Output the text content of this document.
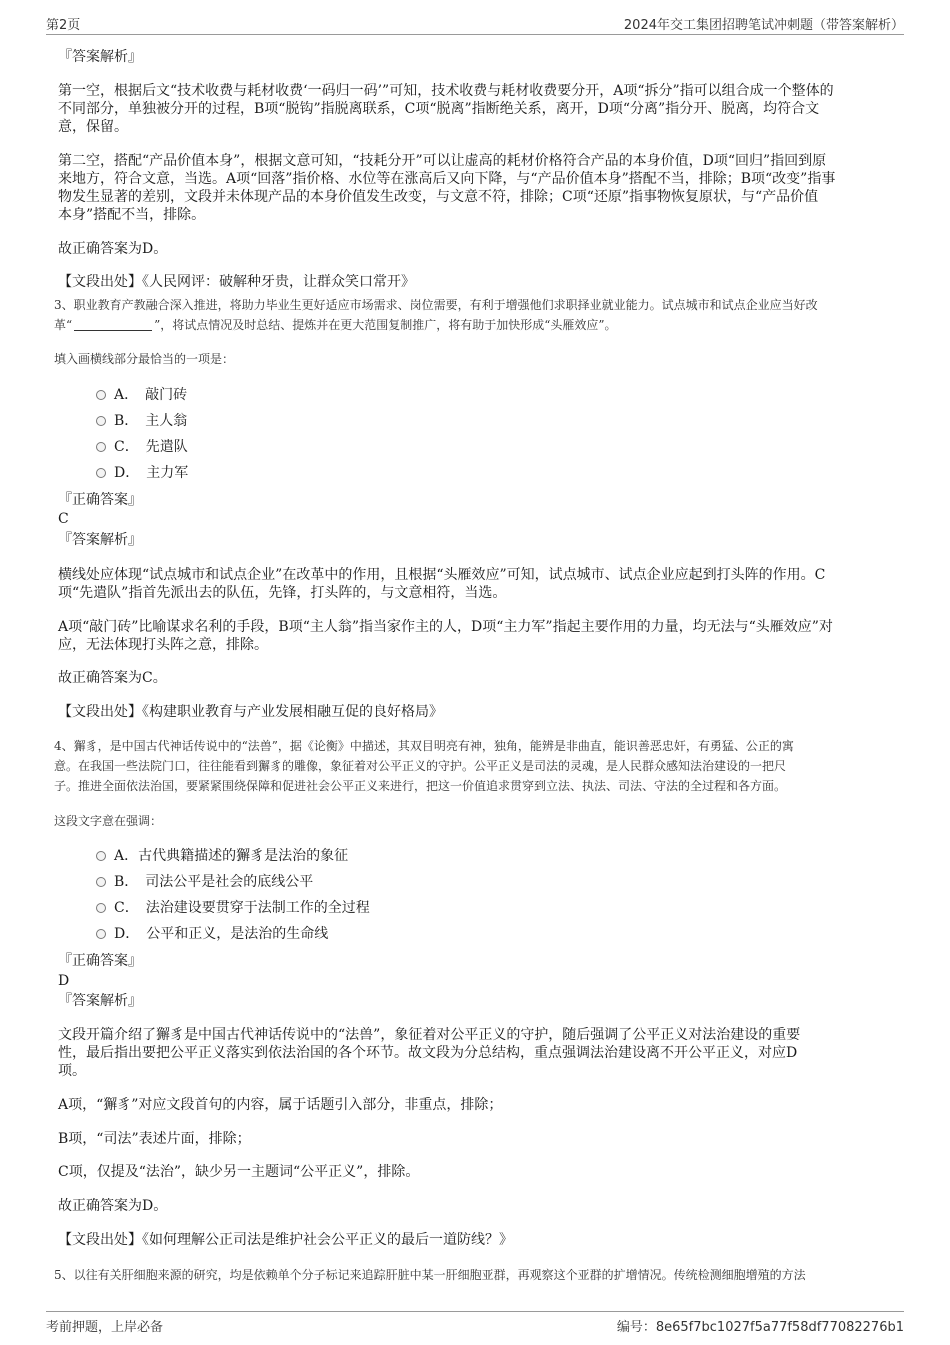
第2页	2024年交工集团招聘笔试冲刺题（带答案解析）
『答案解析』
第一空，根据后文“技术收费与耗材收费‘一码归一码’”可知，技术收费与耗材收费要分开，A项“拆分”指可以组合成一个整体的
不同部分，单独被分开的过程，B项“脱钩”指脱离联系，C项“脱离”指断绝关系，离开，D项“分离”指分开、脱离，均符合文
意，保留。
第二空，搭配“产品价值本身”，根据文意可知，“技耗分开”可以让虚高的耗材价格符合产品的本身价值，D项“回归”指回到原
来地方，符合文意，当选。A项“回落”指价格、水位等在涨高后又向下降，与“产品价值本身”搭配不当，排除；B项“改变”指事
物发生显著的差别，文段并未体现产品的本身价值发生改变，与文意不符，排除；C项“还原”指事物恢复原状，与“产品价值
本身”搭配不当，排除。
故正确答案为D。
【文段出处】《人民网评：破解种牙贵，让群众笑口常开》
3、职业教育产教融合深入推进，将助力毕业生更好适应市场需求、岗位需要，有利于增强他们求职择业就业能力。试点城市和试点企业应当好改
革“	”，将试点情况及时总结、提炼并在更大范围复制推广，将有助于加快形成“头雁效应”。
填入画横线部分最恰当的一项是：
A．　敲门砖
B．　主人翁
C．　先遣队
D．　主力军
『正确答案』
C
『答案解析』
横线处应体现“试点城市和试点企业”在改革中的作用，且根据“头雁效应”可知，试点城市、试点企业应起到打头阵的作用。C
项“先遣队”指首先派出去的队伍，先锋，打头阵的，与文意相符，当选。
A项“敲门砖”比喻谋求名利的手段，B项“主人翁”指当家作主的人，D项“主力军”指起主要作用的力量，均无法与“头雁效应”对
应，无法体现打头阵之意，排除。
故正确答案为C。
【文段出处】《构建职业教育与产业发展相融互促的良好格局》
4、獬豸，是中国古代神话传说中的“法兽”，据《论衡》中描述，其双目明亮有神，独角，能辨是非曲直，能识善恶忠奸，有勇猛、公正的寓
意。在我国一些法院门口，往往能看到獬豸的雕像，象征着对公平正义的守护。公平正义是司法的灵魂，是人民群众感知法治建设的一把尺
子。推进全面依法治国，要紧紧围绕保障和促进社会公平正义来进行，把这一价值追求贯穿到立法、执法、司法、守法的全过程和各方面。
这段文字意在强调：
A．古代典籍描述的獬豸是法治的象征
B．　司法公平是社会的底线公平
C．　法治建设要贯穿于法制工作的全过程
D．　公平和正义，是法治的生命线
『正确答案』
D
『答案解析』
文段开篇介绍了獬豸是中国古代神话传说中的“法兽”，象征着对公平正义的守护，随后强调了公平正义对法治建设的重要
性，最后指出要把公平正义落实到依法治国的各个环节。故文段为分总结构，重点强调法治建设离不开公平正义，对应D
项。
A项，“獬豸”对应文段首句的内容，属于话题引入部分，非重点，排除；
B项，“司法”表述片面，排除；
C项，仅提及“法治”，缺少另一主题词“公平正义”，排除。
故正确答案为D。
【文段出处】《如何理解公正司法是维护社会公平正义的最后一道防线？》
5、以往有关肝细胞来源的研究，均是依赖单个分子标记来追踪肝脏中某一肝细胞亚群，再观察这个亚群的扩增情况。传统检测细胞增殖的方法
考前押题，上岸必备	编号：8e65f7bc1027f5a77f58df77082276b1
